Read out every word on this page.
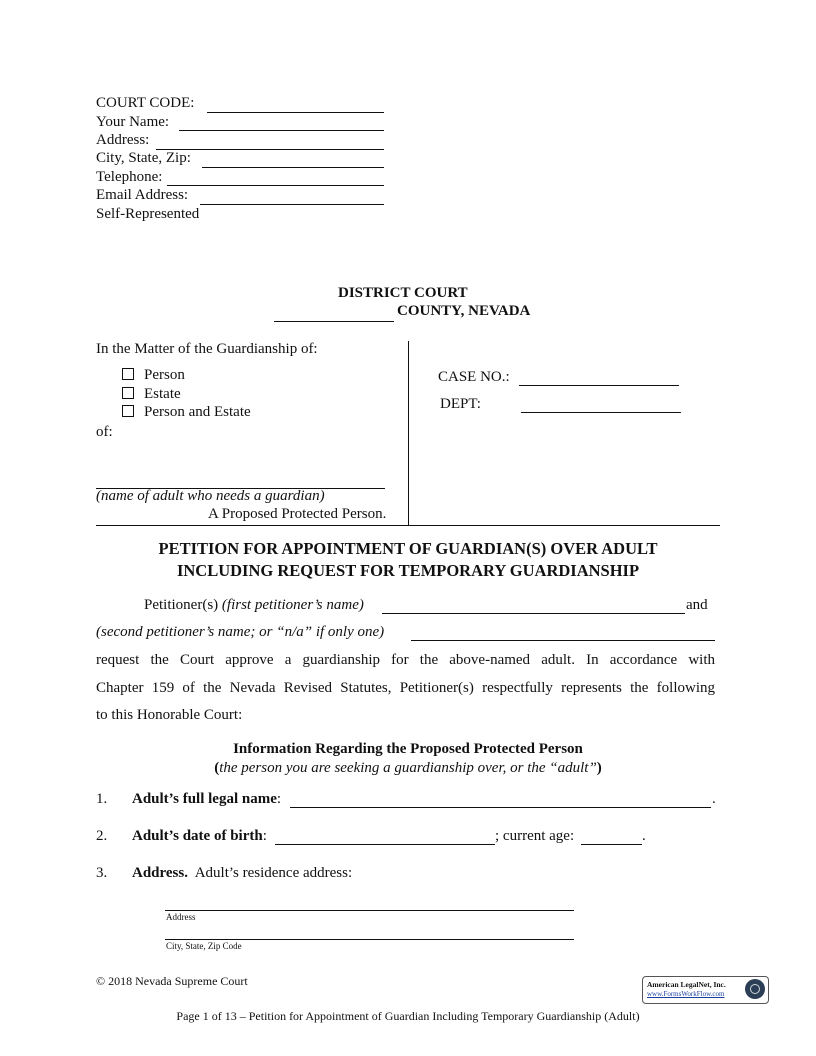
COURT CODE:
Your Name:
Address:
City, State, Zip:
Telephone:
Email Address:
Self-Represented
DISTRICT COURT
COUNTY, NEVADA
In the Matter of the Guardianship of:
Person
Estate
Person and Estate
of:
(name of adult who needs a guardian)
A Proposed Protected Person.
CASE NO.:
DEPT:
PETITION FOR APPOINTMENT OF GUARDIAN(S) OVER ADULT
INCLUDING REQUEST FOR TEMPORARY GUARDIANSHIP
Petitioner(s) (first petitioner’s name)	and
(second petitioner’s name; or “n/a” if only one)
request the Court approve a guardianship for the above-named adult. In accordance with
Chapter 159 of the Nevada Revised Statutes, Petitioner(s) respectfully represents the following
to this Honorable Court:
Information Regarding the Proposed Protected Person
(the person you are seeking a guardianship over, or the “adult”)
1. Adult’s full legal name:	.
2. Adult’s date of birth:	; current age:	.
3. Address. Adult’s residence address:
Address
City, State, Zip Code
© 2018 Nevada Supreme Court	American LegalNet, Inc.
www.FormsWorkFlow.com
Page 1 of 13 – Petition for Appointment of Guardian Including Temporary Guardianship (Adult)
